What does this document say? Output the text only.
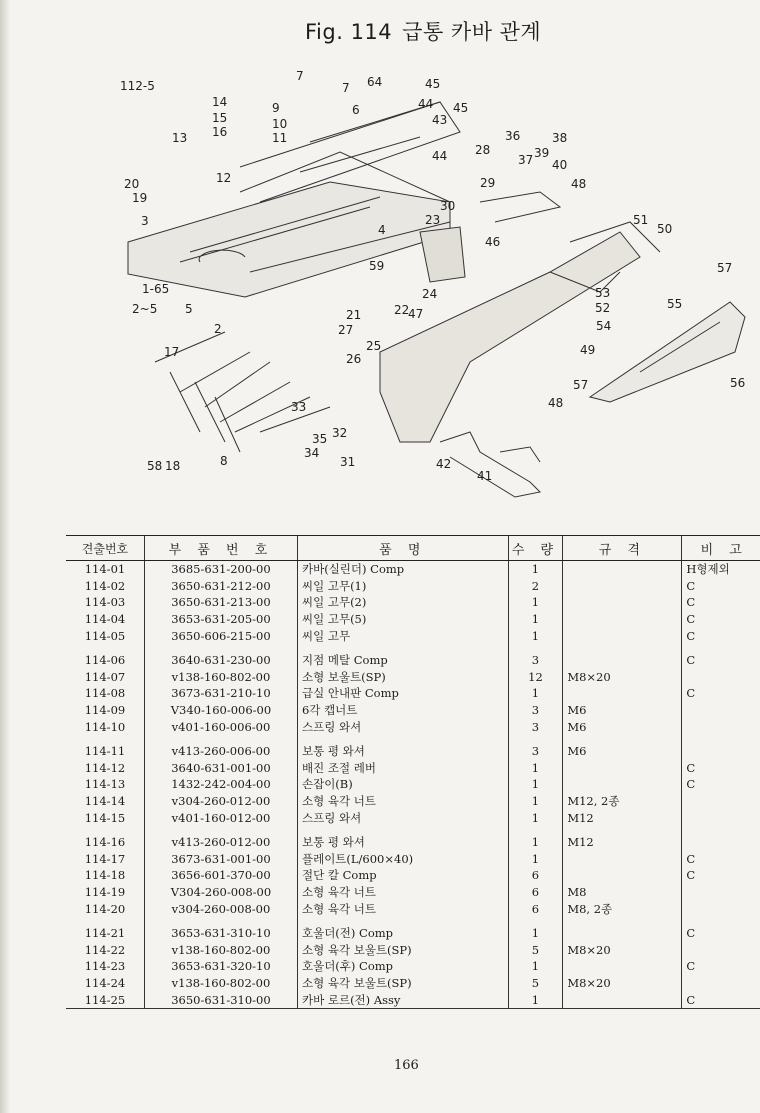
Fig. 114 급통 카바 관계
112-5
14
15
16
7
7
9
10
11
6
64	45
44 45
43
44
13
12
20
19
28
36	38
37 39
40
29
30
48
23	51
50
3
4
46
57
59
24
1-65
2~5 5
2
22
47
21
27
25
55
53
52
54
17	26
49
56
57
48
33
35
34
32
8	31
58 18	42
41
견출번호	부 품 번 호	품 명	수 량	규 격	비 고
114-01	3685-631-200-00	카바(실린더) Comp	1		H형제외
114-02	3650-631-212-00	씨일 고무(1)	2		C
114-03	3650-631-213-00	씨일 고무(2)	1		C
114-04	3653-631-205-00	씨일 고무(5)	1		C
114-05	3650-606-215-00	씨일 고무	1		C
114-06	3640-631-230-00	지점 메탈 Comp	3		C
114-07	v138-160-802-00	소형 보울트(SP)	12	M8×20	
114-08	3673-631-210-10	급실 안내판 Comp	1		C
114-09	V340-160-006-00	6각 캡너트	3	M6	
114-10	v401-160-006-00	스프링 와셔	3	M6	
114-11	v413-260-006-00	보통 평 와셔	3	M6	
114-12	3640-631-001-00	배진 조절 레버	1		C
114-13	1432-242-004-00	손잡이(B)	1		C
114-14	v304-260-012-00	소형 육각 너트	1	M12, 2종	
114-15	v401-160-012-00	스프링 와셔	1	M12	
114-16	v413-260-012-00	보통 평 와셔	1	M12	
114-17	3673-631-001-00	플레이트(L/600×40)	1		C
114-18	3656-601-370-00	절단 칼 Comp	6		C
114-19	V304-260-008-00	소형 육각 너트	6	M8	
114-20	v304-260-008-00	소형 육각 너트	6	M8, 2종	
114-21	3653-631-310-10	호울더(전) Comp	1		C
114-22	v138-160-802-00	소형 육각 보울트(SP)	5	M8×20	
114-23	3653-631-320-10	호울더(후) Comp	1		C
114-24	v138-160-802-00	소형 육각 보울트(SP)	5	M8×20	
114-25	3650-631-310-00	카바 로르(전) Assy	1		C
166
